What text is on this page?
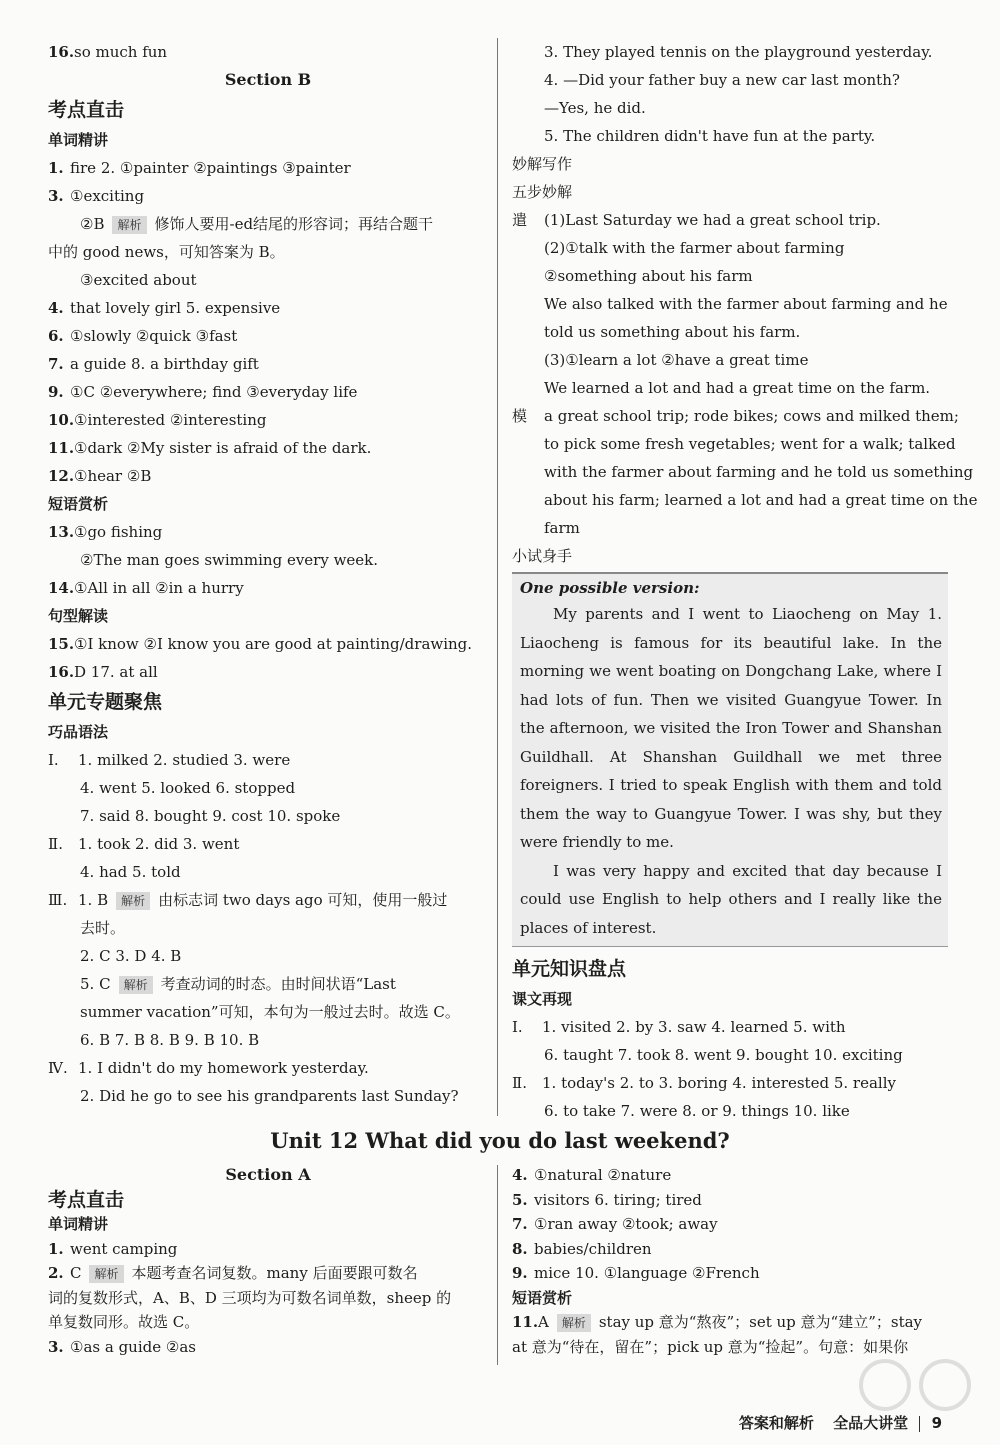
16.so much fun
Section B
考点直击
单词精讲
1. fire 2. ①painter ②paintings ③painter
3. ①exciting
②B 解析 修饰人要用-ed结尾的形容词；再结合题干
中的 good news，可知答案为 B。
③excited about
4. that lovely girl 5. expensive
6. ①slowly ②quick ③fast
7. a guide 8. a birthday gift
9. ①C ②everywhere; find ③everyday life
10.①interested ②interesting
11.①dark ②My sister is afraid of the dark.
12.①hear ②B
短语赏析
13.①go fishing
②The man goes swimming every week.
14.①All in all ②in a hurry
句型解读
15.①I know ②I know you are good at painting/drawing.
16.D 17. at all
单元专题聚焦
巧品语法
Ⅰ. 1. milked 2. studied 3. were
4. went 5. looked 6. stopped
7. said 8. bought 9. cost 10. spoke
Ⅱ. 1. took 2. did 3. went
4. had 5. told
Ⅲ. 1. B 解析 由标志词 two days ago 可知，使用一般过
去时。
2. C 3. D 4. B
5. C 解析 考查动词的时态。由时间状语“Last
summer vacation”可知，本句为一般过去时。故选 C。
6. B 7. B 8. B 9. B 10. B
Ⅳ. 1. I didn't do my homework yesterday.
2. Did he go to see his grandparents last Sunday?
3. They played tennis on the playground yesterday.
4. —Did your father buy a new car last month?
—Yes, he did.
5. The children didn't have fun at the party.
妙解写作
五步妙解
遣 (1)Last Saturday we had a great school trip.
(2)①talk with the farmer about farming
②something about his farm
We also talked with the farmer about farming and he
told us something about his farm.
(3)①learn a lot ②have a great time
We learned a lot and had a great time on the farm.
模 a great school trip; rode bikes; cows and milked them;
to pick some fresh vegetables; went for a walk; talked
with the farmer about farming and he told us something
about his farm; learned a lot and had a great time on the
farm
小试身手
One possible version:
My parents and I went to Liaocheng on May 1. Liaocheng is famous for its beautiful lake. In the morning we went boating on Dongchang Lake, where I had lots of fun. Then we visited Guangyue Tower. In the afternoon, we visited the Iron Tower and Shanshan Guildhall. At Shanshan Guildhall we met three foreigners. I tried to speak English with them and told them the way to Guangyue Tower. I was shy, but they were friendly to me.
I was very happy and excited that day because I could use English to help others and I really like the places of interest.
单元知识盘点
课文再现
Ⅰ. 1. visited 2. by 3. saw 4. learned 5. with
6. taught 7. took 8. went 9. bought 10. exciting
Ⅱ. 1. today's 2. to 3. boring 4. interested 5. really
6. to take 7. were 8. or 9. things 10. like
Unit 12 What did you do last weekend?
Section A
考点直击
单词精讲
1. went camping
2. C 解析 本题考查名词复数。many 后面要跟可数名
词的复数形式，A、B、D 三项均为可数名词单数，sheep 的
单复数同形。故选 C。
3. ①as a guide ②as
4. ①natural ②nature
5. visitors 6. tiring; tired
7. ①ran away ②took; away
8. babies/children
9. mice 10. ①language ②French
短语赏析
11.A 解析 stay up 意为“熬夜”；set up 意为“建立”；stay
at 意为“待在，留在”；pick up 意为“捡起”。句意：如果你
答案和解析 全品大讲堂 9
